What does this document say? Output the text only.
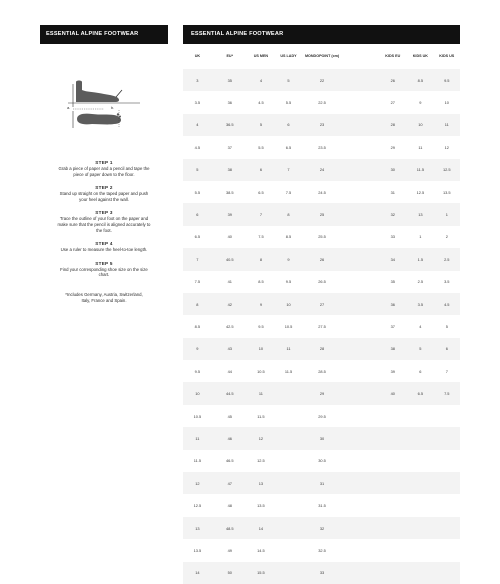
ESSENTIAL ALPINE FOOTWEAR
a.	b.
STEP 1
Grab a piece of paper and a pencil and tape the piece of paper down to the floor.
STEP 2
Stand up straight on the taped paper and push your heel against the wall.
STEP 3
Trace the outline of your foot on the paper and make sure that the pencil is aligned accurately to the foot.
STEP 4
Use a ruler to measure the heel-to-toe length.
STEP 5
Find your corresponding shoe size on the size chart.
*Includes Germany, Austria, Switzerland, Italy, France and Spain.
ESSENTIAL ALPINE FOOTWEAR
UK	EU*	US MEN	US LADY	MONDOPOINT (cm)		KIDS EU	KIDS UK	KIDS US
3	35	4	5	22		26	8.5	9.5
3.5	36	4.5	5.5	22.5		27	9	10
4	36.5	5	6	23		28	10	11
4.5	37	5.5	6.5	23.5		29	11	12
5	38	6	7	24		30	11.5	12.5
5.5	38.5	6.5	7.5	24.5		31	12.5	13.5
6	39	7	8	25		32	13	1
6.5	40	7.5	8.5	25.5		33	1	2
7	40.5	8	9	26		34	1.5	2.5
7.5	41	8.5	9.5	26.5		35	2.5	3.5
8	42	9	10	27		36	3.5	4.5
8.5	42.5	9.5	10.5	27.5		37	4	5
9	43	10	11	28		38	5	6
9.5	44	10.5	11.5	28.5		39	6	7
10	44.5	11		29		40	6.5	7.5
10.5	45	11.5		29.5				
11	46	12		30				
11.5	46.5	12.5		30.5				
12	47	13		31				
12.5	48	13.5		31.5				
13	48.5	14		32				
13.5	49	14.5		32.5				
14	50	15.5		33				
